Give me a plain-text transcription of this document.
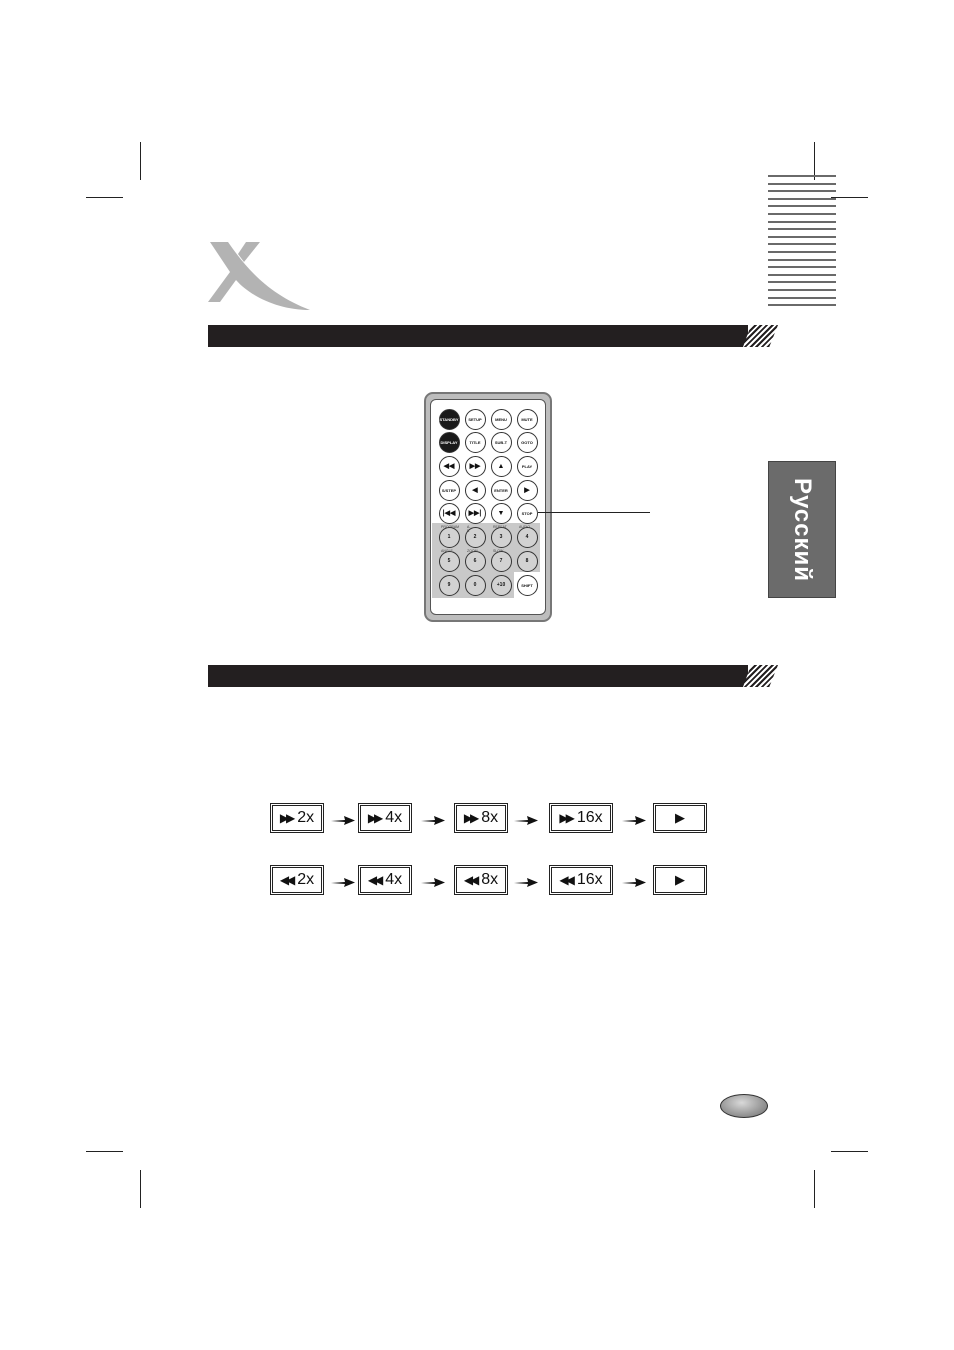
STANDBY SETUP	MENU	MUTE
DISPLAY	TITLE	SUB-T	GOTO
◀◀ ▶▶ ▲	PLAY
S/STEP ◀	ENTER ▶
|◀◀ ▶▶| ▼	STOP
1	2	3	4
5	6	7	8
9	0	+10	SHIFT
PROGRAM A-B
REPEAT	AUDIO
ANGLE	ZOOM	SLOW	Русский
▶▶ 2x	▶▶ 4x	▶▶ 8x	▶▶ 16x	▶
◀◀ 2x	◀◀ 4x	◀◀ 8x	◀◀ 16x	▶
